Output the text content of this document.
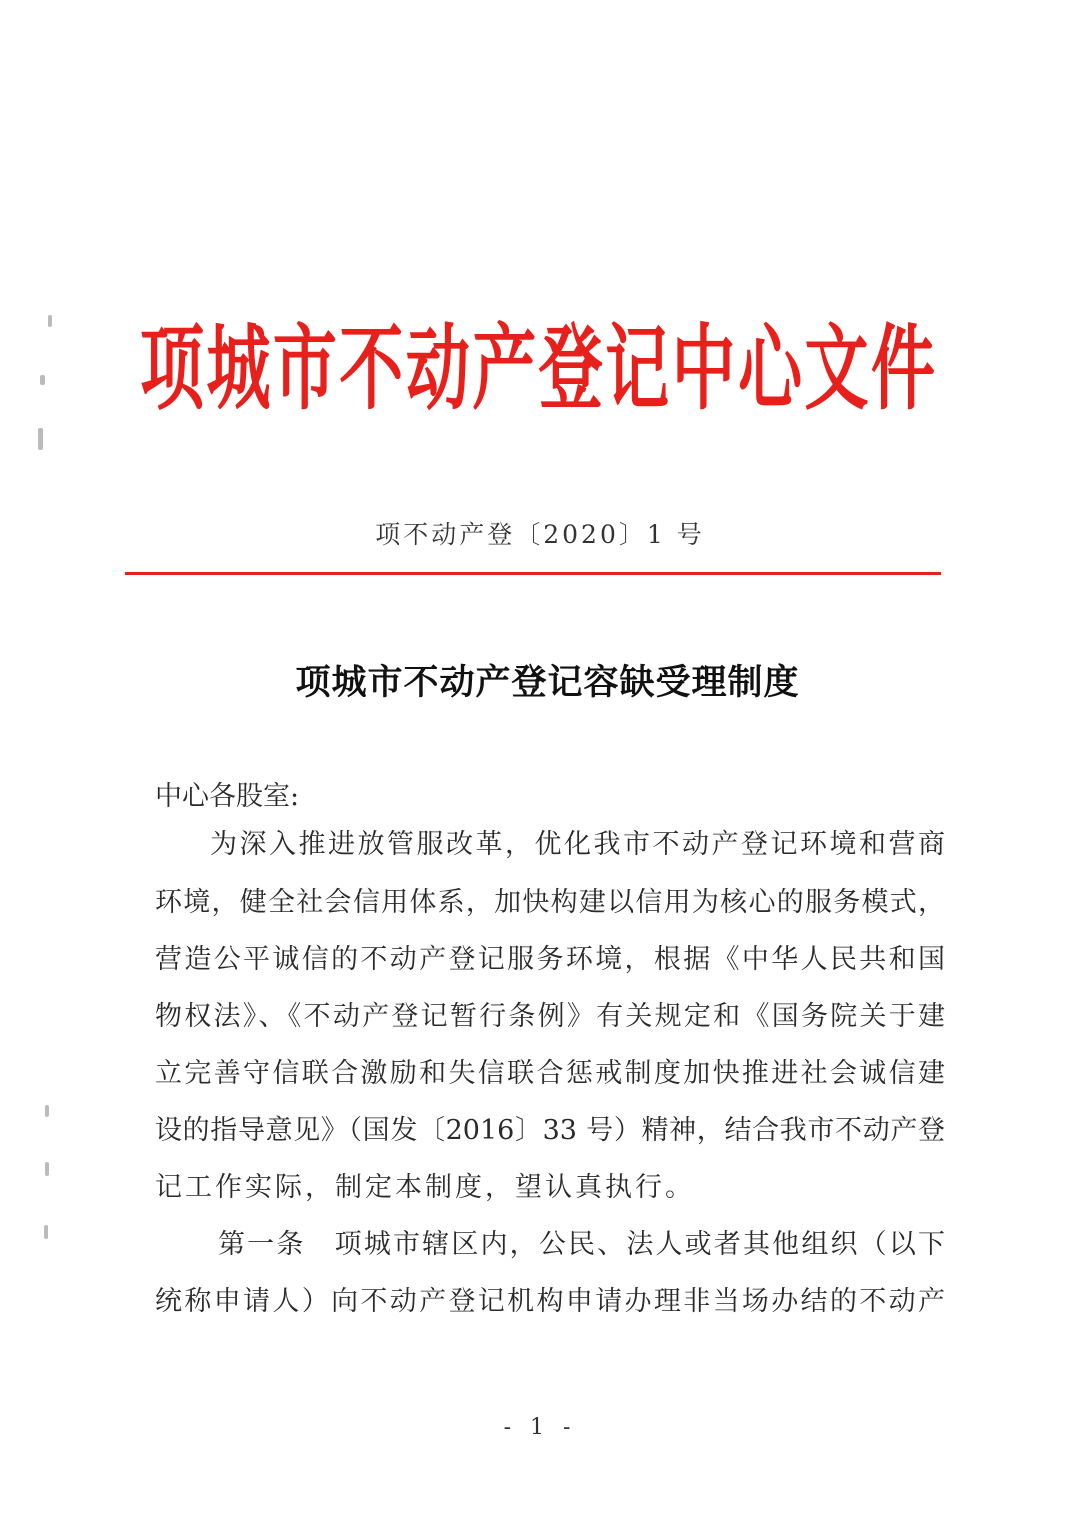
项城市不动产登记中心文件
项不动产登〔2020〕1 号
项城市不动产登记容缺受理制度
中心各股室:
为深入推进放管服改革，优化我市不动产登记环境和营商
环境，健全社会信用体系，加快构建以信用为核心的服务模式，
营造公平诚信的不动产登记服务环境，根据《中华人民共和国
物权法》、《不动产登记暂行条例》有关规定和《国务院关于建
立完善守信联合激励和失信联合惩戒制度加快推进社会诚信建
设的指导意见》（国发〔2016〕33 号）精神，结合我市不动产登
记工作实际，制定本制度，望认真执行。
第一条　项城市辖区内，公民、法人或者其他组织（以下
统称申请人）向不动产登记机构申请办理非当场办结的不动产
- 1 -
